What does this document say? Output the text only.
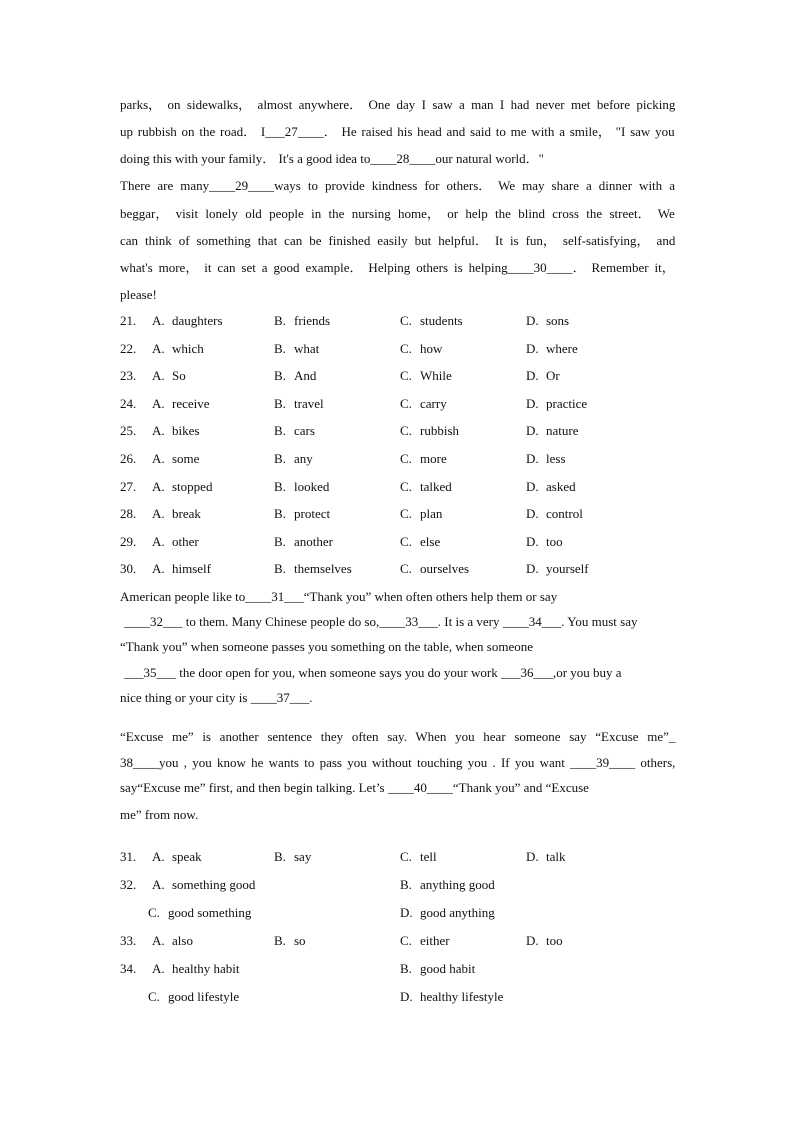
parks， on sidewalks， almost anywhere． One day I saw a man I had never met before picking
up rubbish on the road． I___27____． He raised his head and said to me with a smile， "I saw you
doing this with your family． It's a good idea to____28____our natural world．"
There are many____29____ways to provide kindness for others． We may share a dinner with a
beggar， visit lonely old people in the nursing home， or help the blind cross the street． We
can think of something that can be finished easily but helpful． It is fun， self-satisfying， and
what's more， it can set a good example． Helping others is helping____30____． Remember it，
please!
21.	A. daughters	B. friends	C. students	D. sons
22.	A. which	B. what	C. how	D. where
23.	A. So	B. And	C. While	D. Or
24.	A. receive	B. travel	C. carry	D. practice
25.	A. bikes	B. cars	C. rubbish	D. nature
26.	A. some	B. any	C. more	D. less
27.	A. stopped	B. looked	C. talked	D. asked
28.	A. break	B. protect	C. plan	D. control
29.	A. other	B. another	C. else	D. too
30.	A. himself	B. themselves	C. ourselves	D. yourself
American people like to____31___“Thank you” when often others help them or say
____32___ to them. Many Chinese people do so,____33___. It is a very ____34___. You must say
“Thank you” when someone passes you something on the table, when someone
___35___ the door open for you, when someone says you do your work ___36___,or you buy a
nice thing or your city is ____37___.
“Excuse me” is another sentence they often say. When you hear someone say “Excuse me”_
38____you , you know he wants to pass you without touching you . If you want ____39____ others,
say“Excuse me” first, and then begin talking. Let’s ____40____“Thank you” and “Excuse
me” from now.
31.	A. speak	B. say	C. tell	D. talk
32.	A. something good	B. anything good
C. good something	D. good anything
33.	A. also	B. so	C. either	D. too
34.	A. healthy habit	B. good habit
C. good lifestyle	D. healthy lifestyle
